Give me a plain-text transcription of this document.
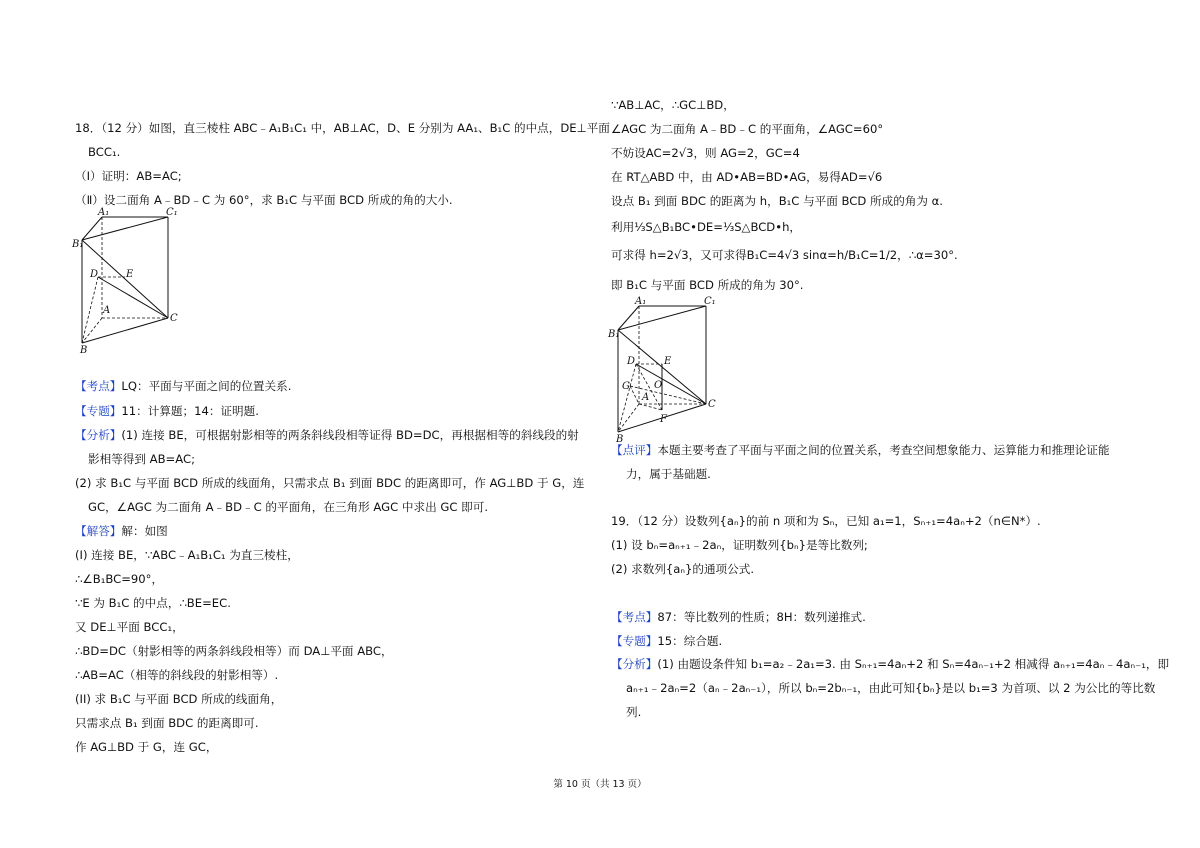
18．（12 分）如图，直三棱柱 ABC﹣A₁B₁C₁ 中，AB⊥AC，D、E 分别为 AA₁、B₁C 的中点，DE⊥平面
BCC₁.
（Ⅰ）证明：AB=AC;
（Ⅱ）设二面角 A﹣BD﹣C 为 60°，求 B₁C 与平面 BCD 所成的角的大小.
A₁	C₁
B₁
D	E
A
C
B
【考点】LQ：平面与平面之间的位置关系.
【专题】11：计算题；14：证明题.
【分析】(1) 连接 BE，可根据射影相等的两条斜线段相等证得 BD=DC，再根据相等的斜线段的射
影相等得到 AB=AC;
(2) 求 B₁C 与平面 BCD 所成的线面角，只需求点 B₁ 到面 BDC 的距离即可，作 AG⊥BD 于 G，连
GC，∠AGC 为二面角 A﹣BD﹣C 的平面角，在三角形 AGC 中求出 GC 即可.
【解答】解：如图
(I) 连接 BE，∵ABC﹣A₁B₁C₁ 为直三棱柱，
∴∠B₁BC=90°，
∵E 为 B₁C 的中点，∴BE=EC.
又 DE⊥平面 BCC₁，
∴BD=DC（射影相等的两条斜线段相等）而 DA⊥平面 ABC，
∴AB=AC（相等的斜线段的射影相等）.
(II) 求 B₁C 与平面 BCD 所成的线面角，
只需求点 B₁ 到面 BDC 的距离即可.
作 AG⊥BD 于 G，连 GC，
∵AB⊥AC，∴GC⊥BD，
∠AGC 为二面角 A﹣BD﹣C 的平面角，∠AGC=60°
不妨设AC=2√3，则 AG=2，GC=4
在 RT△ABD 中，由 AD•AB=BD•AG，易得AD=√6
设点 B₁ 到面 BDC 的距离为 h，B₁C 与平面 BCD 所成的角为 α.
利用⅓S△B₁BC•DE=⅓S△BCD•h，
可求得 h=2√3，又可求得B₁C=4√3 sinα=h/B₁C=1/2，∴α=30°.
即 B₁C 与平面 BCD 所成的角为 30°.
A₁	C₁
B₁
D	E
G O
A
F
C
B
【点评】本题主要考查了平面与平面之间的位置关系，考查空间想象能力、运算能力和推理论证能
力，属于基础题.
19．（12 分）设数列{aₙ}的前 n 项和为 Sₙ，已知 a₁=1，Sₙ₊₁=4aₙ+2（n∈N*）.
(1) 设 bₙ=aₙ₊₁﹣2aₙ，证明数列{bₙ}是等比数列;
(2) 求数列{aₙ}的通项公式.
【考点】87：等比数列的性质；8H：数列递推式.
【专题】15：综合题.
【分析】(1) 由题设条件知 b₁=a₂﹣2a₁=3. 由 Sₙ₊₁=4aₙ+2 和 Sₙ=4aₙ₋₁+2 相减得 aₙ₊₁=4aₙ﹣4aₙ₋₁，即
aₙ₊₁﹣2aₙ=2（aₙ﹣2aₙ₋₁），所以 bₙ=2bₙ₋₁，由此可知{bₙ}是以 b₁=3 为首项、以 2 为公比的等比数
列.
第 10 页（共 13 页）
